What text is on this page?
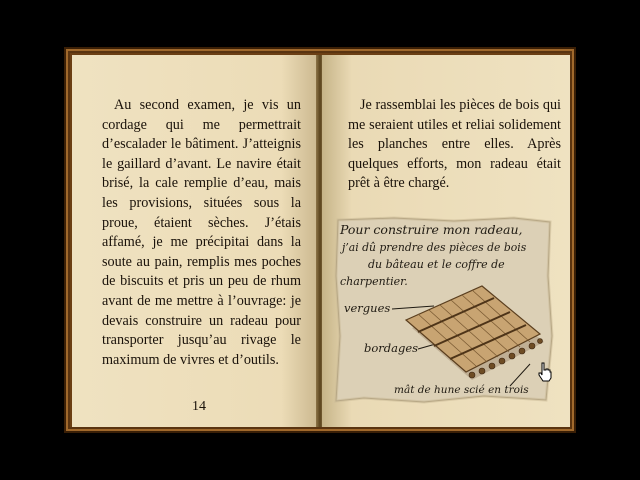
Au second examen, je vis un cordage qui me permettrait d’escalader le bâtiment. J’atteignis le gaillard d’avant. Le navire était brisé, la cale remplie d’eau, mais les provisions, situées sous la proue, étaient sèches. J’étais affamé, je me précipitai dans la soute au pain, remplis mes poches de biscuits et pris un peu de rhum avant de me mettre à l’ouvrage: je devais construire un radeau pour transporter jusqu’au rivage le maximum de vivres et d’outils.
14
Je rassemblai les pièces de bois qui me seraient utiles et reliai solidement les planches entre elles. Après quelques efforts, mon radeau était prêt à être chargé.
Pour construire mon radeau,
j’ai dû prendre des pièces de bois
du bâteau et le coffre de
charpentier.
vergues
bordages
mât de hune scié en trois
